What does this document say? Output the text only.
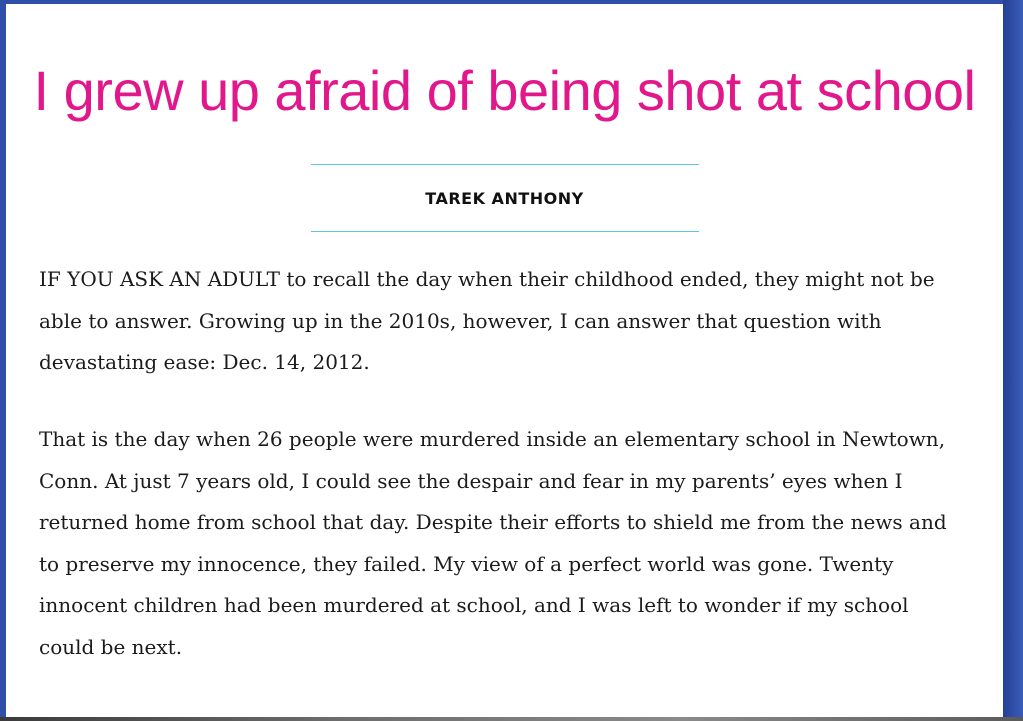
I grew up afraid of being shot at school
TAREK ANTHONY

IF YOU ASK AN ADULT to recall the day when their childhood ended, they might not be able to answer. Growing up in the 2010s, however, I can answer that question with devastating ease: Dec. 14, 2012.

That is the day when 26 people were murdered inside an elementary school in Newtown, Conn. At just 7 years old, I could see the despair and fear in my parents’ eyes when I returned home from school that day. Despite their efforts to shield me from the news and to preserve my innocence, they failed. My view of a perfect world was gone. Twenty innocent children had been murdered at school, and I was left to wonder if my school could be next.
